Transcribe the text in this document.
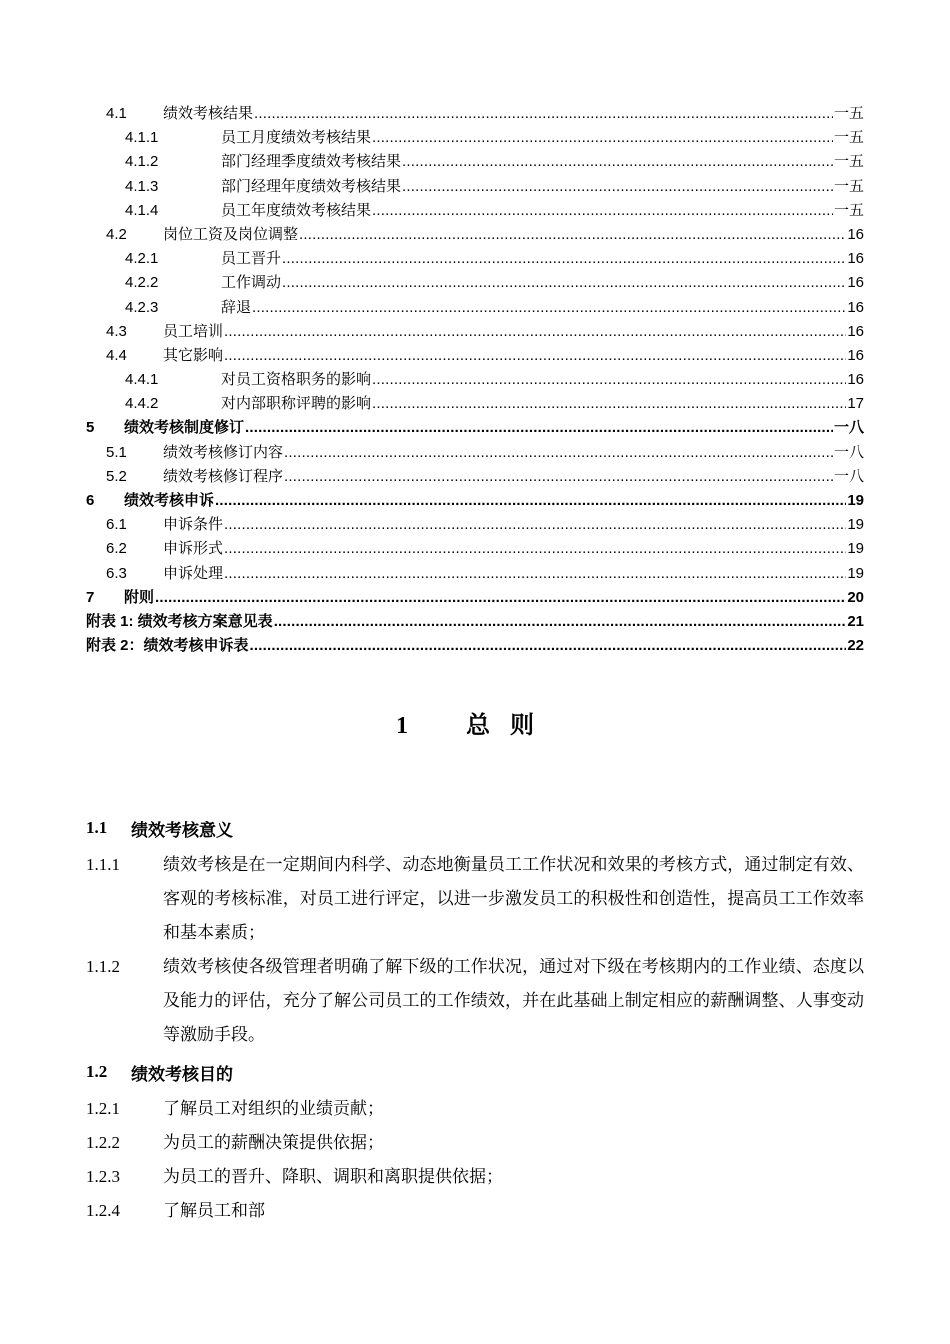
4.1	绩效考核结果 .....	一五
4.1.1	员工月度绩效考核结果 .....	一五
4.1.2	部门经理季度绩效考核结果 .....	一五
4.1.3	部门经理年度绩效考核结果 .....	一五
4.1.4	员工年度绩效考核结果 .....	一五
4.2	岗位工资及岗位调整 .....	16
4.2.1	员工晋升 .....	16
4.2.2	工作调动 .....	16
4.2.3	辞退 .....	16
4.3	员工培训 .....	16
4.4	其它影响 .....	16
4.4.1	对员工资格职务的影响 .....	16
4.4.2	对内部职称评聘的影响 .....	17
5	绩效考核制度修订 .....	一八
5.1	绩效考核修订内容 .....	一八
5.2	绩效考核修订程序 .....	一八
6	绩效考核申诉 .....	19
6.1	申诉条件 .....	19
6.2	申诉形式 .....	19
6.3	申诉处理 .....	19
7	附则 .....	20
附表 1: 绩效考核方案意见表 .....	21
附表 2：绩效考核申诉表 .....	22
1 总则
1.1	绩效考核意义
1.1.1	绩效考核是在一定期间内科学、动态地衡量员工工作状况和效果的考核方式，通过制定有效、客观的考核标准，对员工进行评定，以进一步激发员工的积极性和创造性，提高员工工作效率和基本素质；
1.1.2	绩效考核使各级管理者明确了解下级的工作状况，通过对下级在考核期内的工作业绩、态度以及能力的评估，充分了解公司员工的工作绩效，并在此基础上制定相应的薪酬调整、人事变动等激励手段。
1.2	绩效考核目的
1.2.1	了解员工对组织的业绩贡献；
1.2.2	为员工的薪酬决策提供依据；
1.2.3	为员工的晋升、降职、调职和离职提供依据；
1.2.4	了解员工和部
